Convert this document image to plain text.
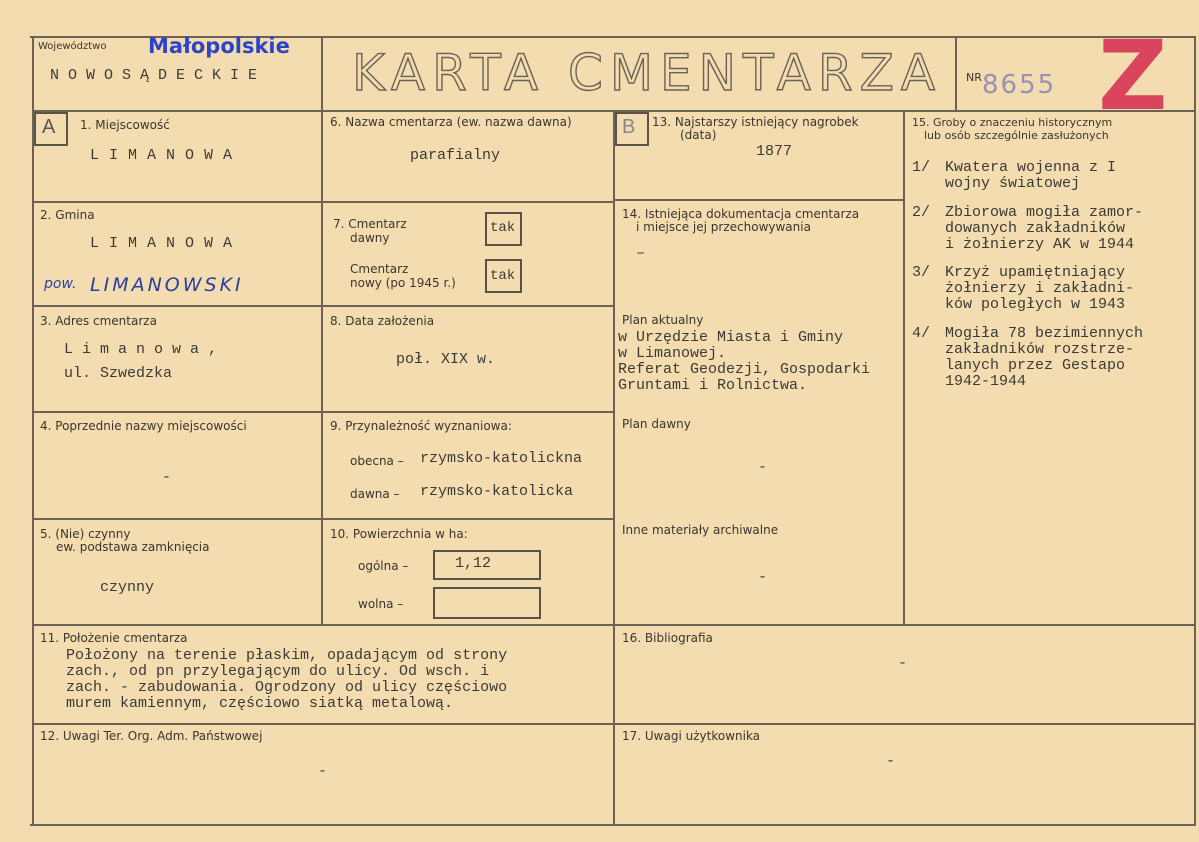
Województwo Małopolskie
NOWOSĄDECKIE KARTA CMENTARZA NR 8655 Z
A 1. Miejscowość
LIMANOWA
2. Gmina
LIMANOWA
pow. LIMANOWSKI
3. Adres cmentarza
Limanowa,
ul. Szwedzka
4. Poprzednie nazwy miejscowości
-
5. (Nie) czynny
ew. podstawa zamknięcia
czynny
6. Nazwa cmentarza (ew. nazwa dawna)
parafialny
7. Cmentarz
dawny
tak
Cmentarz
nowy (po 1945 r.) tak
8. Data założenia
poł. XIX w.
9. Przynależność wyznaniowa:
obecna – rzymsko-katolickna
dawna – rzymsko-katolicka
10. Powierzchnia w ha:
ogólna –	1,12
wolna –
B 13. Najstarszy istniejący nagrobek
(data)
1877
14. Istniejąca dokumentacja cmentarza
i miejsce jej przechowywania
–
Plan aktualny
w Urzędzie Miasta i Gminy
w Limanowej.
Referat Geodezji, Gospodarki
Gruntami i Rolnictwa.
Plan dawny
-
Inne materiały archiwalne
-
15. Groby o znaczeniu historycznym
lub osób szczególnie zasłużonych
1/ Kwatera wojenna z I
wojny światowej
2/ Zbiorowa mogiła zamor-
dowanych zakładników
i żołnierzy AK w 1944
3/ Krzyż upamiętniający
żołnierzy i zakładni-
ków poległych w 1943
4/ Mogiła 78 bezimiennych
zakładników rozstrze-
lanych przez Gestapo
1942-1944
11. Położenie cmentarza
Położony na terenie płaskim, opadającym od strony
zach., od pn przylegającym do ulicy. Od wsch. i
zach. - zabudowania. Ogrodzony od ulicy częściowo
murem kamiennym, częściowo siatką metalową.
16. Bibliografia
-
12. Uwagi Ter. Org. Adm. Państwowej
-
17. Uwagi użytkownika
-
